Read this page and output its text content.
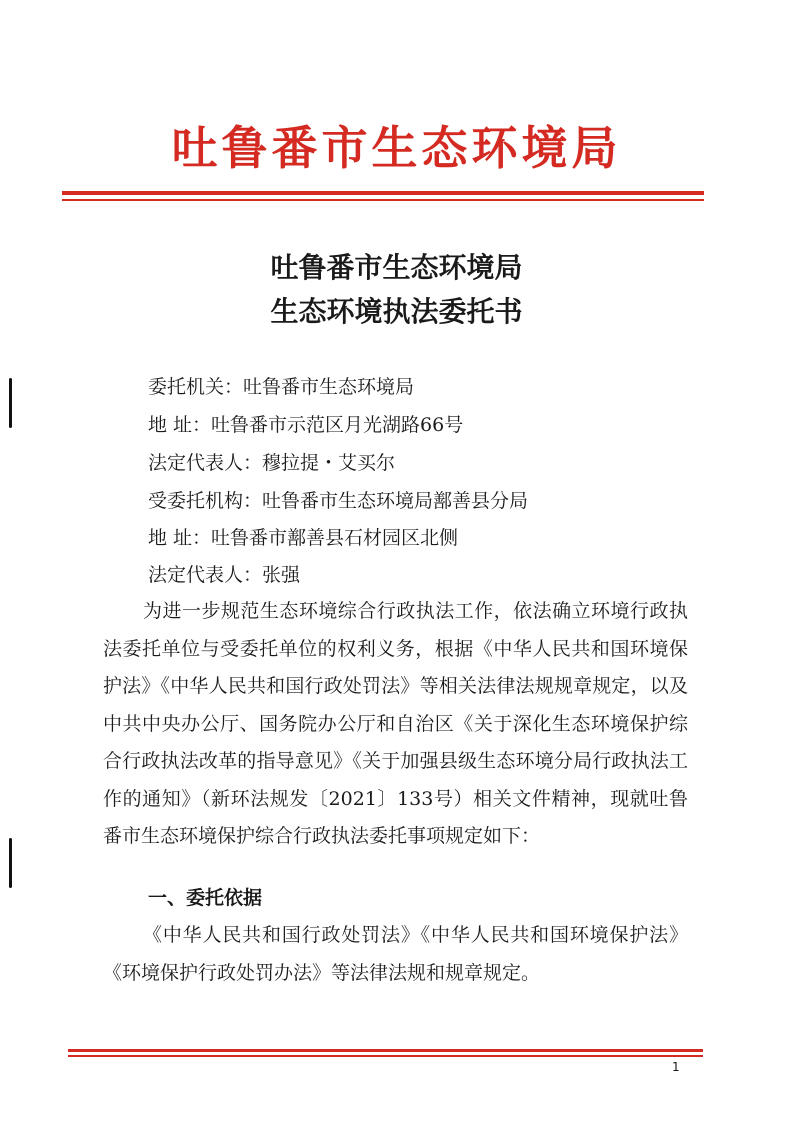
吐鲁番市生态环境局
吐鲁番市生态环境局
生态环境执法委托书
委托机关：吐鲁番市生态环境局
地 址：吐鲁番市示范区月光湖路66号
法定代表人：穆拉提・艾买尔
受委托机构：吐鲁番市生态环境局鄯善县分局
地 址：吐鲁番市鄯善县石材园区北侧
法定代表人：张强
为进一步规范生态环境综合行政执法工作，依法确立环境行政执法委托单位与受委托单位的权利义务，根据《中华人民共和国环境保护法》《中华人民共和国行政处罚法》等相关法律法规规章规定，以及中共中央办公厅、国务院办公厅和自治区《关于深化生态环境保护综合行政执法改革的指导意见》《关于加强县级生态环境分局行政执法工作的通知》（新环法规发〔2021〕133号）相关文件精神，现就吐鲁番市生态环境保护综合行政执法委托事项规定如下：
一、委托依据
《中华人民共和国行政处罚法》《中华人民共和国环境保护法》《环境保护行政处罚办法》等法律法规和规章规定。
1
